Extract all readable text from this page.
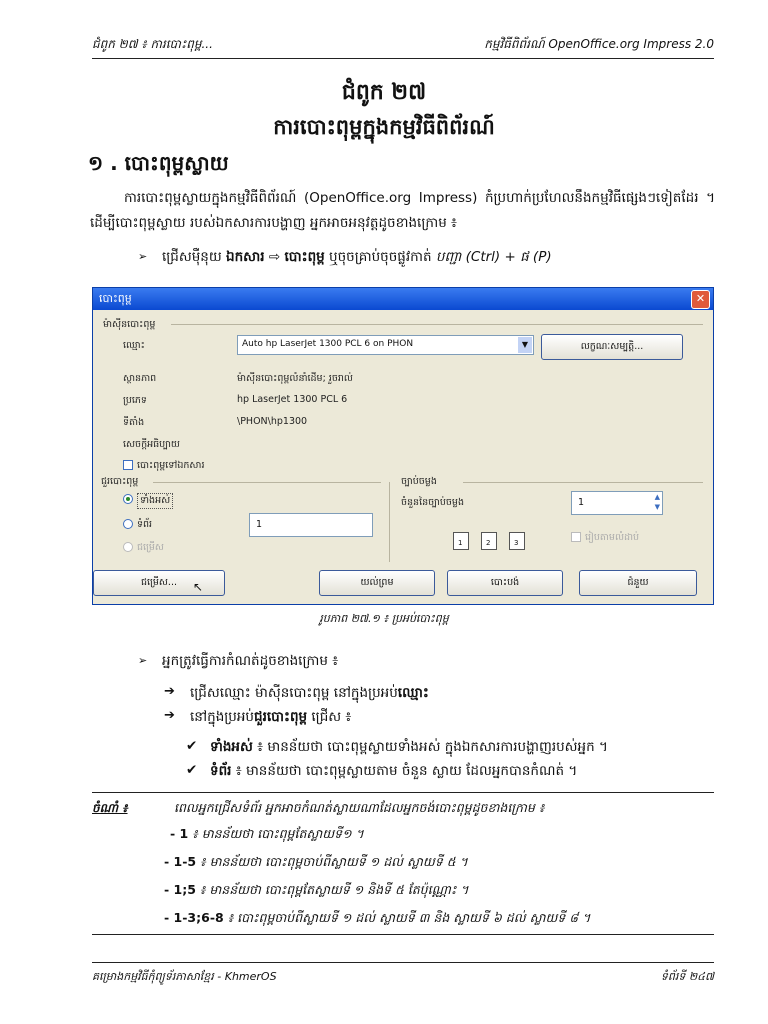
ជំពូក ២៧ ៖ ការបោះពុម្ព...	កម្មវិធីពិព័រណ៍ OpenOffice.org Impress 2.0
ជំពូក ២៧
ការបោះពុម្ពក្នុងកម្មវិធីពិព័រណ៍
១ . បោះពុម្ពស្លាយ
ការបោះពុម្ពស្លាយក្នុងកម្មវិធីពិព័រណ៍ (OpenOffice.org Impress) កំប្រហាក់ប្រហែលនឹងកម្មវិធីផ្សេងៗទៀតដែរ ។ ដើម្បីបោះពុម្ពស្លាយ របស់ឯកសារការបង្ហាញ អ្នកអាចអនុវត្តដូចខាងក្រោម ៖
➢ ជ្រើសម៉ឺនុយ ឯកសារ ⇨ បោះពុម្ព ឬចុចគ្រាប់ចុចផ្លូវកាត់ បញ្ជា (Ctrl) + ផ (P)
បោះពុម្ព	✕
ម៉ាស៊ីនបោះពុម្ព
ឈ្មោះ	Auto hp LaserJet 1300 PCL 6 on PHON	▼	លក្ខណៈសម្បត្តិ...
ស្ថានភាព	ម៉ាស៊ីនបោះពុម្ពលំនាំដើម; រួចរាល់
ប្រភេទ	hp LaserJet 1300 PCL 6
ទីតាំង	\PHON\hp1300
សេចក្តីអធិប្បាយ
បោះពុម្ពទៅឯកសារ
ជួរបោះពុម្ព
ទាំងអស់
ទំព័រ	1
ជម្រើស
ច្បាប់ចម្លង
ចំនួននៃច្បាប់ចម្លង	1	▲
▼
1	2	3	រៀបតាមលំដាប់
ជម្រើស...	↖	យល់ព្រម	បោះបង់	ជំនួយ
រូបភាព ២៧.១ ៖ ប្រអប់បោះពុម្ព
➢ អ្នកត្រូវធ្វើការកំណត់ដូចខាងក្រោម ៖
➔ ជ្រើសឈ្មោះ ម៉ាស៊ីនបោះពុម្ព នៅក្នុងប្រអប់ឈ្មោះ
➔ នៅក្នុងប្រអប់ជួរបោះពុម្ព ជ្រើស ៖
✔ ទាំងអស់ ៖ មានន័យថា បោះពុម្ពស្លាយទាំងអស់ ក្នុងឯកសារការបង្ហាញរបស់អ្នក ។
✔ ទំព័រ ៖ មានន័យថា បោះពុម្ពស្លាយតាម ចំនួន ស្លាយ ដែលអ្នកបានកំណត់ ។
ចំណាំ ៖	ពេលអ្នកជ្រើសទំព័រ អ្នកអាចកំណត់ស្លាយណាដែលអ្នកចង់បោះពុម្ពដូចខាងក្រោម ៖
- 1 ៖ មានន័យថា បោះពុម្ពតែស្លាយទី១ ។
- 1-5 ៖ មានន័យថា បោះពុម្ពចាប់ពីស្លាយទី ១ ដល់ ស្លាយទី ៥ ។
- 1;5 ៖ មានន័យថា បោះពុម្ពតែស្លាយទី ១ និងទី ៥ តែប៉ុណ្ណោះ ។
- 1-3;6-8 ៖ បោះពុម្ពចាប់ពីស្លាយទី ១ ដល់ ស្លាយទី ៣ និង ស្លាយទី ៦ ដល់ ស្លាយទី ៨ ។
គម្រោងកម្មវិធីកុំព្យូទ័រភាសាខ្មែរ - KhmerOS	ទំព័រទី ២៤៧
